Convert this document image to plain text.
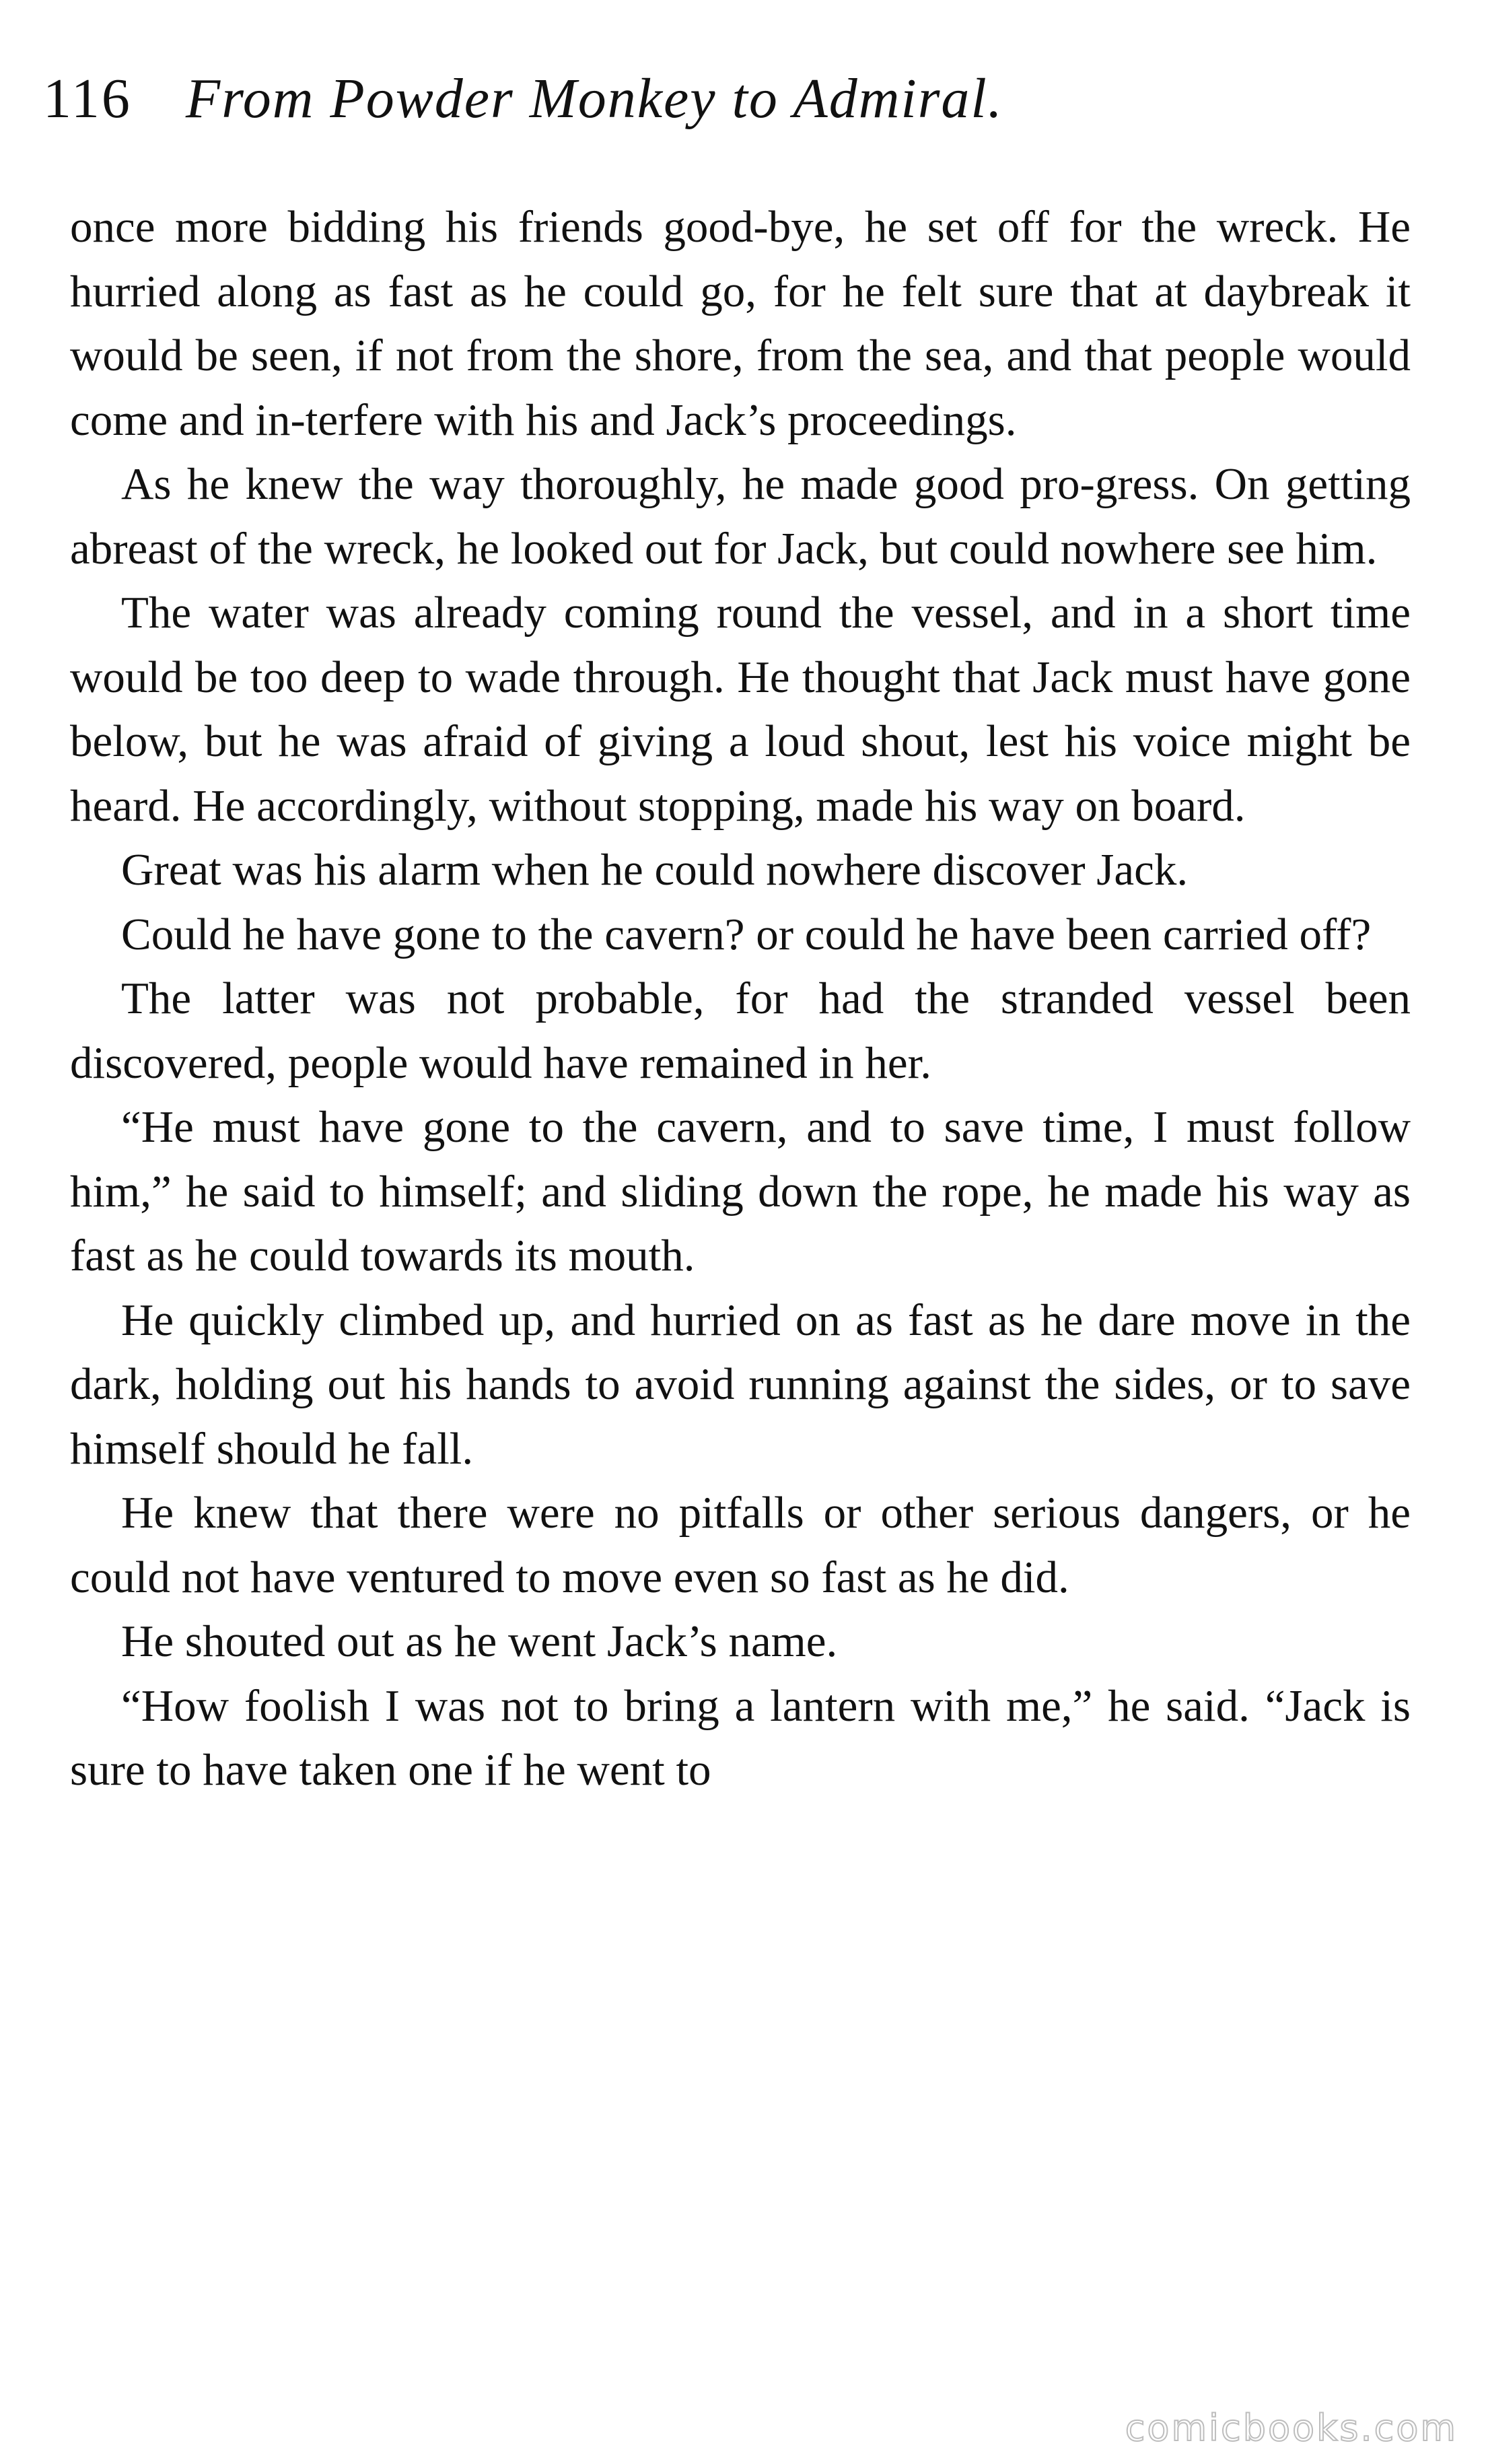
116 From Powder Monkey to Admiral.

once more bidding his friends good-bye, he set off for the wreck. He hurried along as fast as he could go, for he felt sure that at daybreak it would be seen, if not from the shore, from the sea, and that people would come and in-terfere with his and Jack’s proceedings.

As he knew the way thoroughly, he made good pro-gress. On getting abreast of the wreck, he looked out for Jack, but could nowhere see him.

The water was already coming round the vessel, and in a short time would be too deep to wade through. He thought that Jack must have gone below, but he was afraid of giving a loud shout, lest his voice might be heard. He accordingly, without stopping, made his way on board.

Great was his alarm when he could nowhere discover Jack.

Could he have gone to the cavern? or could he have been carried off?

The latter was not probable, for had the stranded vessel been discovered, people would have remained in her.

“He must have gone to the cavern, and to save time, I must follow him,” he said to himself; and sliding down the rope, he made his way as fast as he could towards its mouth.

He quickly climbed up, and hurried on as fast as he dare move in the dark, holding out his hands to avoid running against the sides, or to save himself should he fall.

He knew that there were no pitfalls or other serious dangers, or he could not have ventured to move even so fast as he did.

He shouted out as he went Jack’s name.

“How foolish I was not to bring a lantern with me,” he said. “Jack is sure to have taken one if he went to

comicbooks.com
